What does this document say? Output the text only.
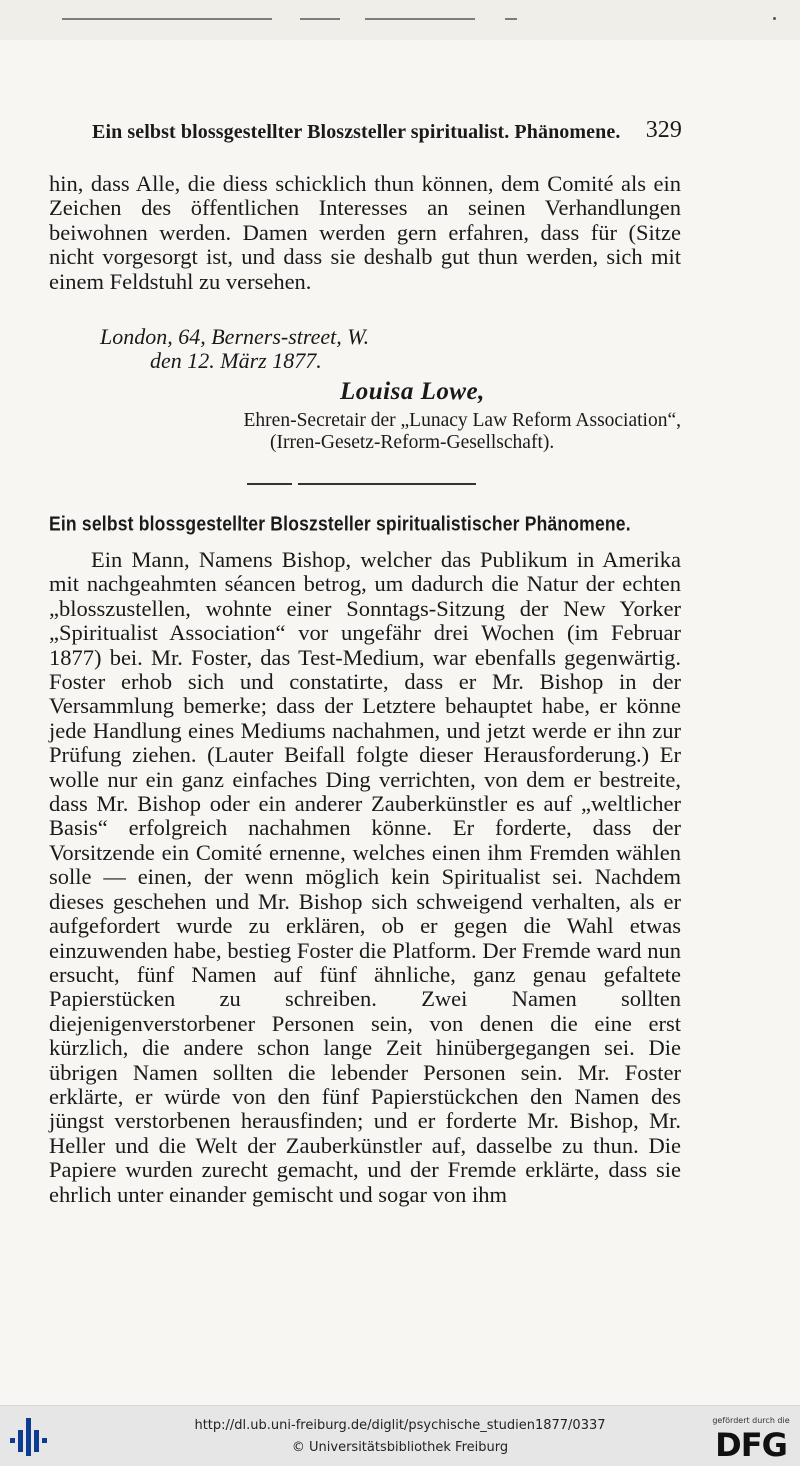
Ein selbst blossgestellter Bloszsteller spiritualist. Phänomene. 329
hin, dass Alle, die diess schicklich thun können, dem Comité als ein Zeichen des öffentlichen Interesses an seinen Verhandlungen beiwohnen werden. Damen werden gern erfahren, dass für (Sitze nicht vorgesorgt ist, und dass sie deshalb gut thun werden, sich mit einem Feldstuhl zu versehen.
London, 64, Berners-street, W.
den 12. März 1877.
Louisa Lowe,
Ehren-Secretair der „Lunacy Law Reform Association“,
(Irren-Gesetz-Reform-Gesellschaft).
Ein selbst blossgestellter Bloszsteller spiritualistischer Phänomene.

Ein Mann, Namens Bishop, welcher das Publikum in Amerika mit nachgeahmten séancen betrog, um dadurch die Natur der echten „blosszustellen, wohnte einer Sonntags-Sitzung der New Yorker „Spiritualist Association“ vor ungefähr drei Wochen (im Februar 1877) bei. Mr. Foster, das Test-Medium, war ebenfalls gegenwärtig. Foster erhob sich und constatirte, dass er Mr. Bishop in der Versammlung bemerke; dass der Letztere behauptet habe, er könne jede Handlung eines Mediums nachahmen, und jetzt werde er ihn zur Prüfung ziehen. (Lauter Beifall folgte dieser Herausforderung.) Er wolle nur ein ganz einfaches Ding verrichten, von dem er bestreite, dass Mr. Bishop oder ein anderer Zauberkünstler es auf „weltlicher Basis“ erfolgreich nachahmen könne. Er forderte, dass der Vorsitzende ein Comité ernenne, welches einen ihm Fremden wählen solle — einen, der wenn möglich kein Spiritualist sei. Nachdem dieses geschehen und Mr. Bishop sich schweigend verhalten, als er aufgefordert wurde zu erklären, ob er gegen die Wahl etwas einzuwenden habe, bestieg Foster die Platform. Der Fremde ward nun ersucht, fünf Namen auf fünf ähnliche, ganz genau gefaltete Papierstücken zu schreiben. Zwei Namen sollten diejenigenverstorbener Personen sein, von denen die eine erst kürzlich, die andere schon lange Zeit hinübergegangen sei. Die übrigen Namen sollten die lebender Personen sein. Mr. Foster erklärte, er würde von den fünf Papierstückchen den Namen des jüngst verstorbenen herausfinden; und er forderte Mr. Bishop, Mr. Heller und die Welt der Zauberkünstler auf, dasselbe zu thun. Die Papiere wurden zurecht gemacht, und der Fremde erklärte, dass sie ehrlich unter einander gemischt und sogar von ihm

http://dl.ub.uni-freiburg.de/diglit/psychische_studien1877/0337
© Universitätsbibliothek Freiburg
gefördert durch die
DFG
